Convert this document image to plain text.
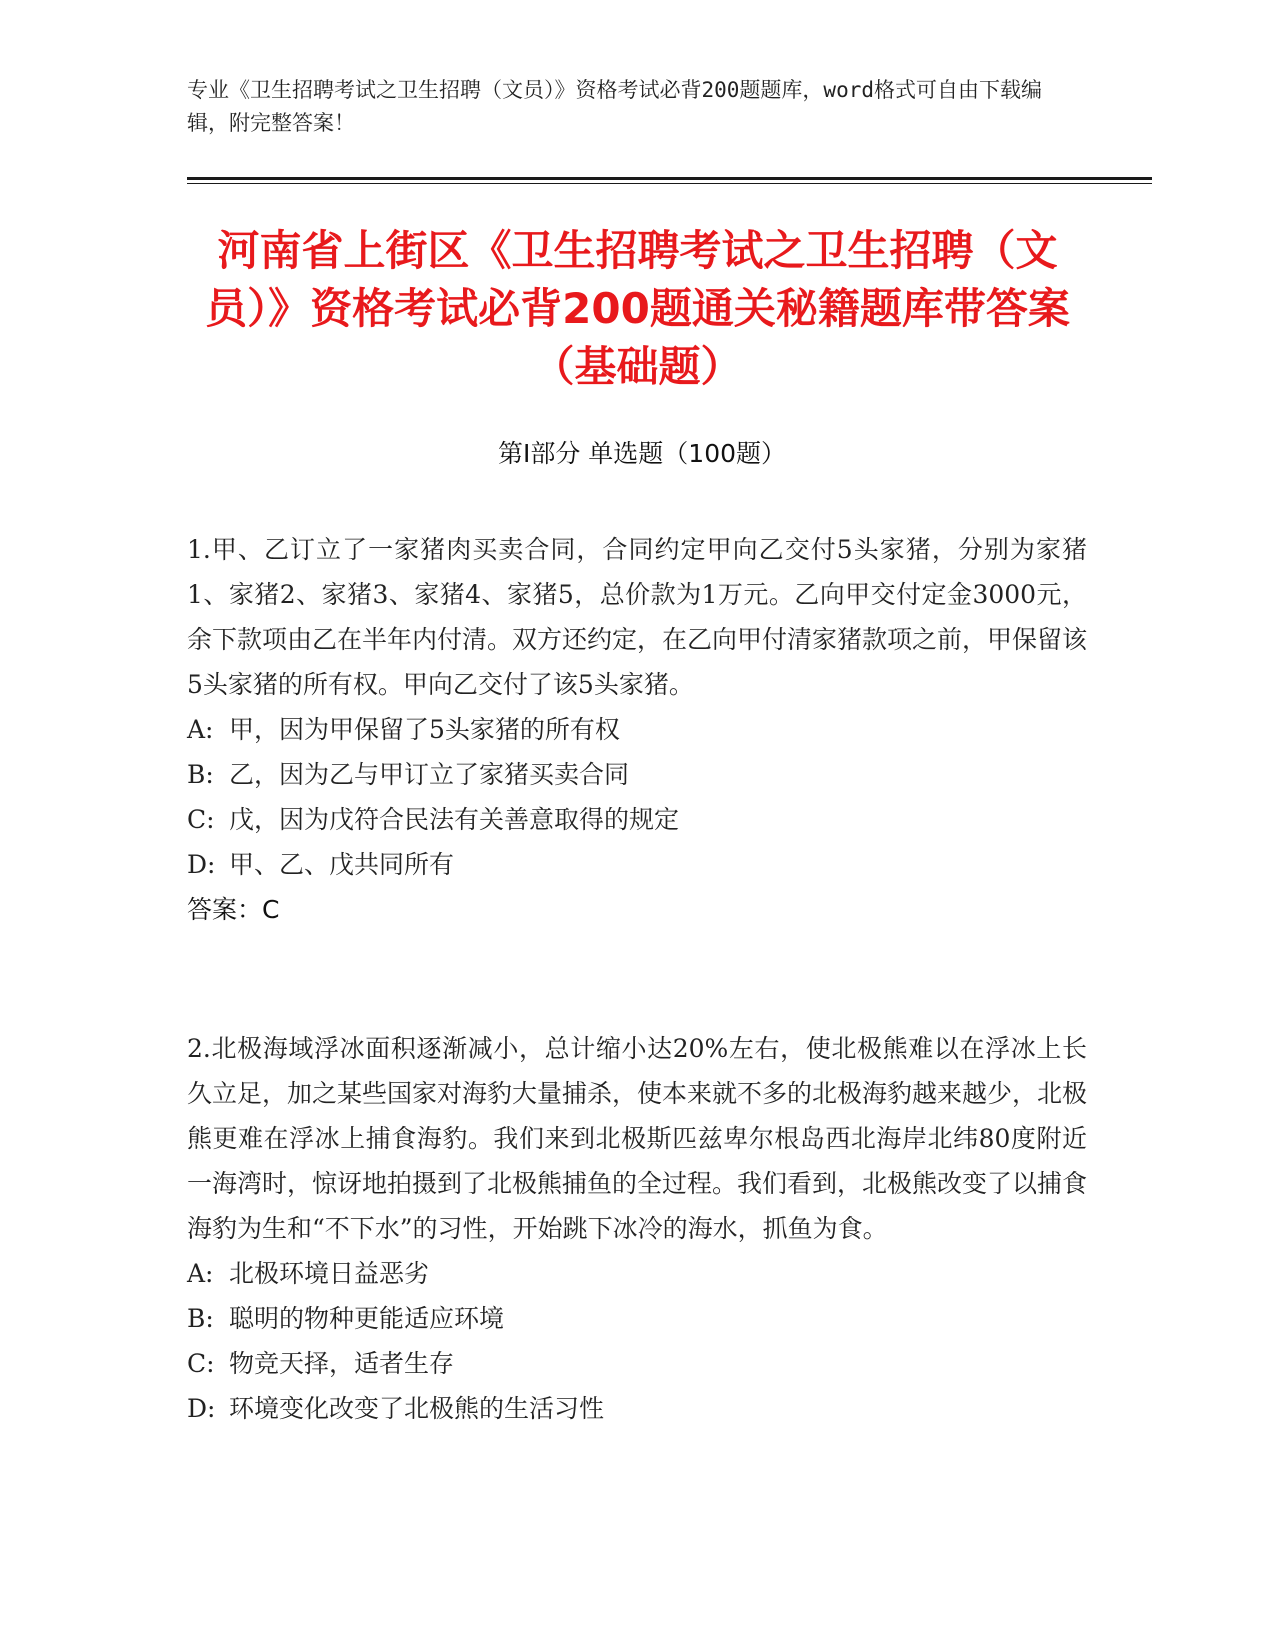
专业《卫生招聘考试之卫生招聘（文员）》资格考试必背200题题库，word格式可自由下载编辑，附完整答案！
河南省上街区《卫生招聘考试之卫生招聘（文员）》资格考试必背200题通关秘籍题库带答案（基础题）
第Ⅰ部分 单选题（100题）

1.甲、乙订立了一家猪肉买卖合同，合同约定甲向乙交付5头家猪，分别为家猪1、家猪2、家猪3、家猪4、家猪5，总价款为1万元。乙向甲交付定金3000元，余下款项由乙在半年内付清。双方还约定，在乙向甲付清家猪款项之前，甲保留该5头家猪的所有权。甲向乙交付了该5头家猪。

A: 甲，因为甲保留了5头家猪的所有权

B: 乙，因为乙与甲订立了家猪买卖合同

C: 戊，因为戊符合民法有关善意取得的规定

D: 甲、乙、戊共同所有

答案：C

2.北极海域浮冰面积逐渐减小，总计缩小达20%左右，使北极熊难以在浮冰上长久立足，加之某些国家对海豹大量捕杀，使本来就不多的北极海豹越来越少，北极熊更难在浮冰上捕食海豹。我们来到北极斯匹兹卑尔根岛西北海岸北纬80度附近一海湾时，惊讶地拍摄到了北极熊捕鱼的全过程。我们看到，北极熊改变了以捕食海豹为生和“不下水”的习性，开始跳下冰冷的海水，抓鱼为食。

A: 北极环境日益恶劣

B: 聪明的物种更能适应环境

C: 物竞天择，适者生存

D: 环境变化改变了北极熊的生活习性
